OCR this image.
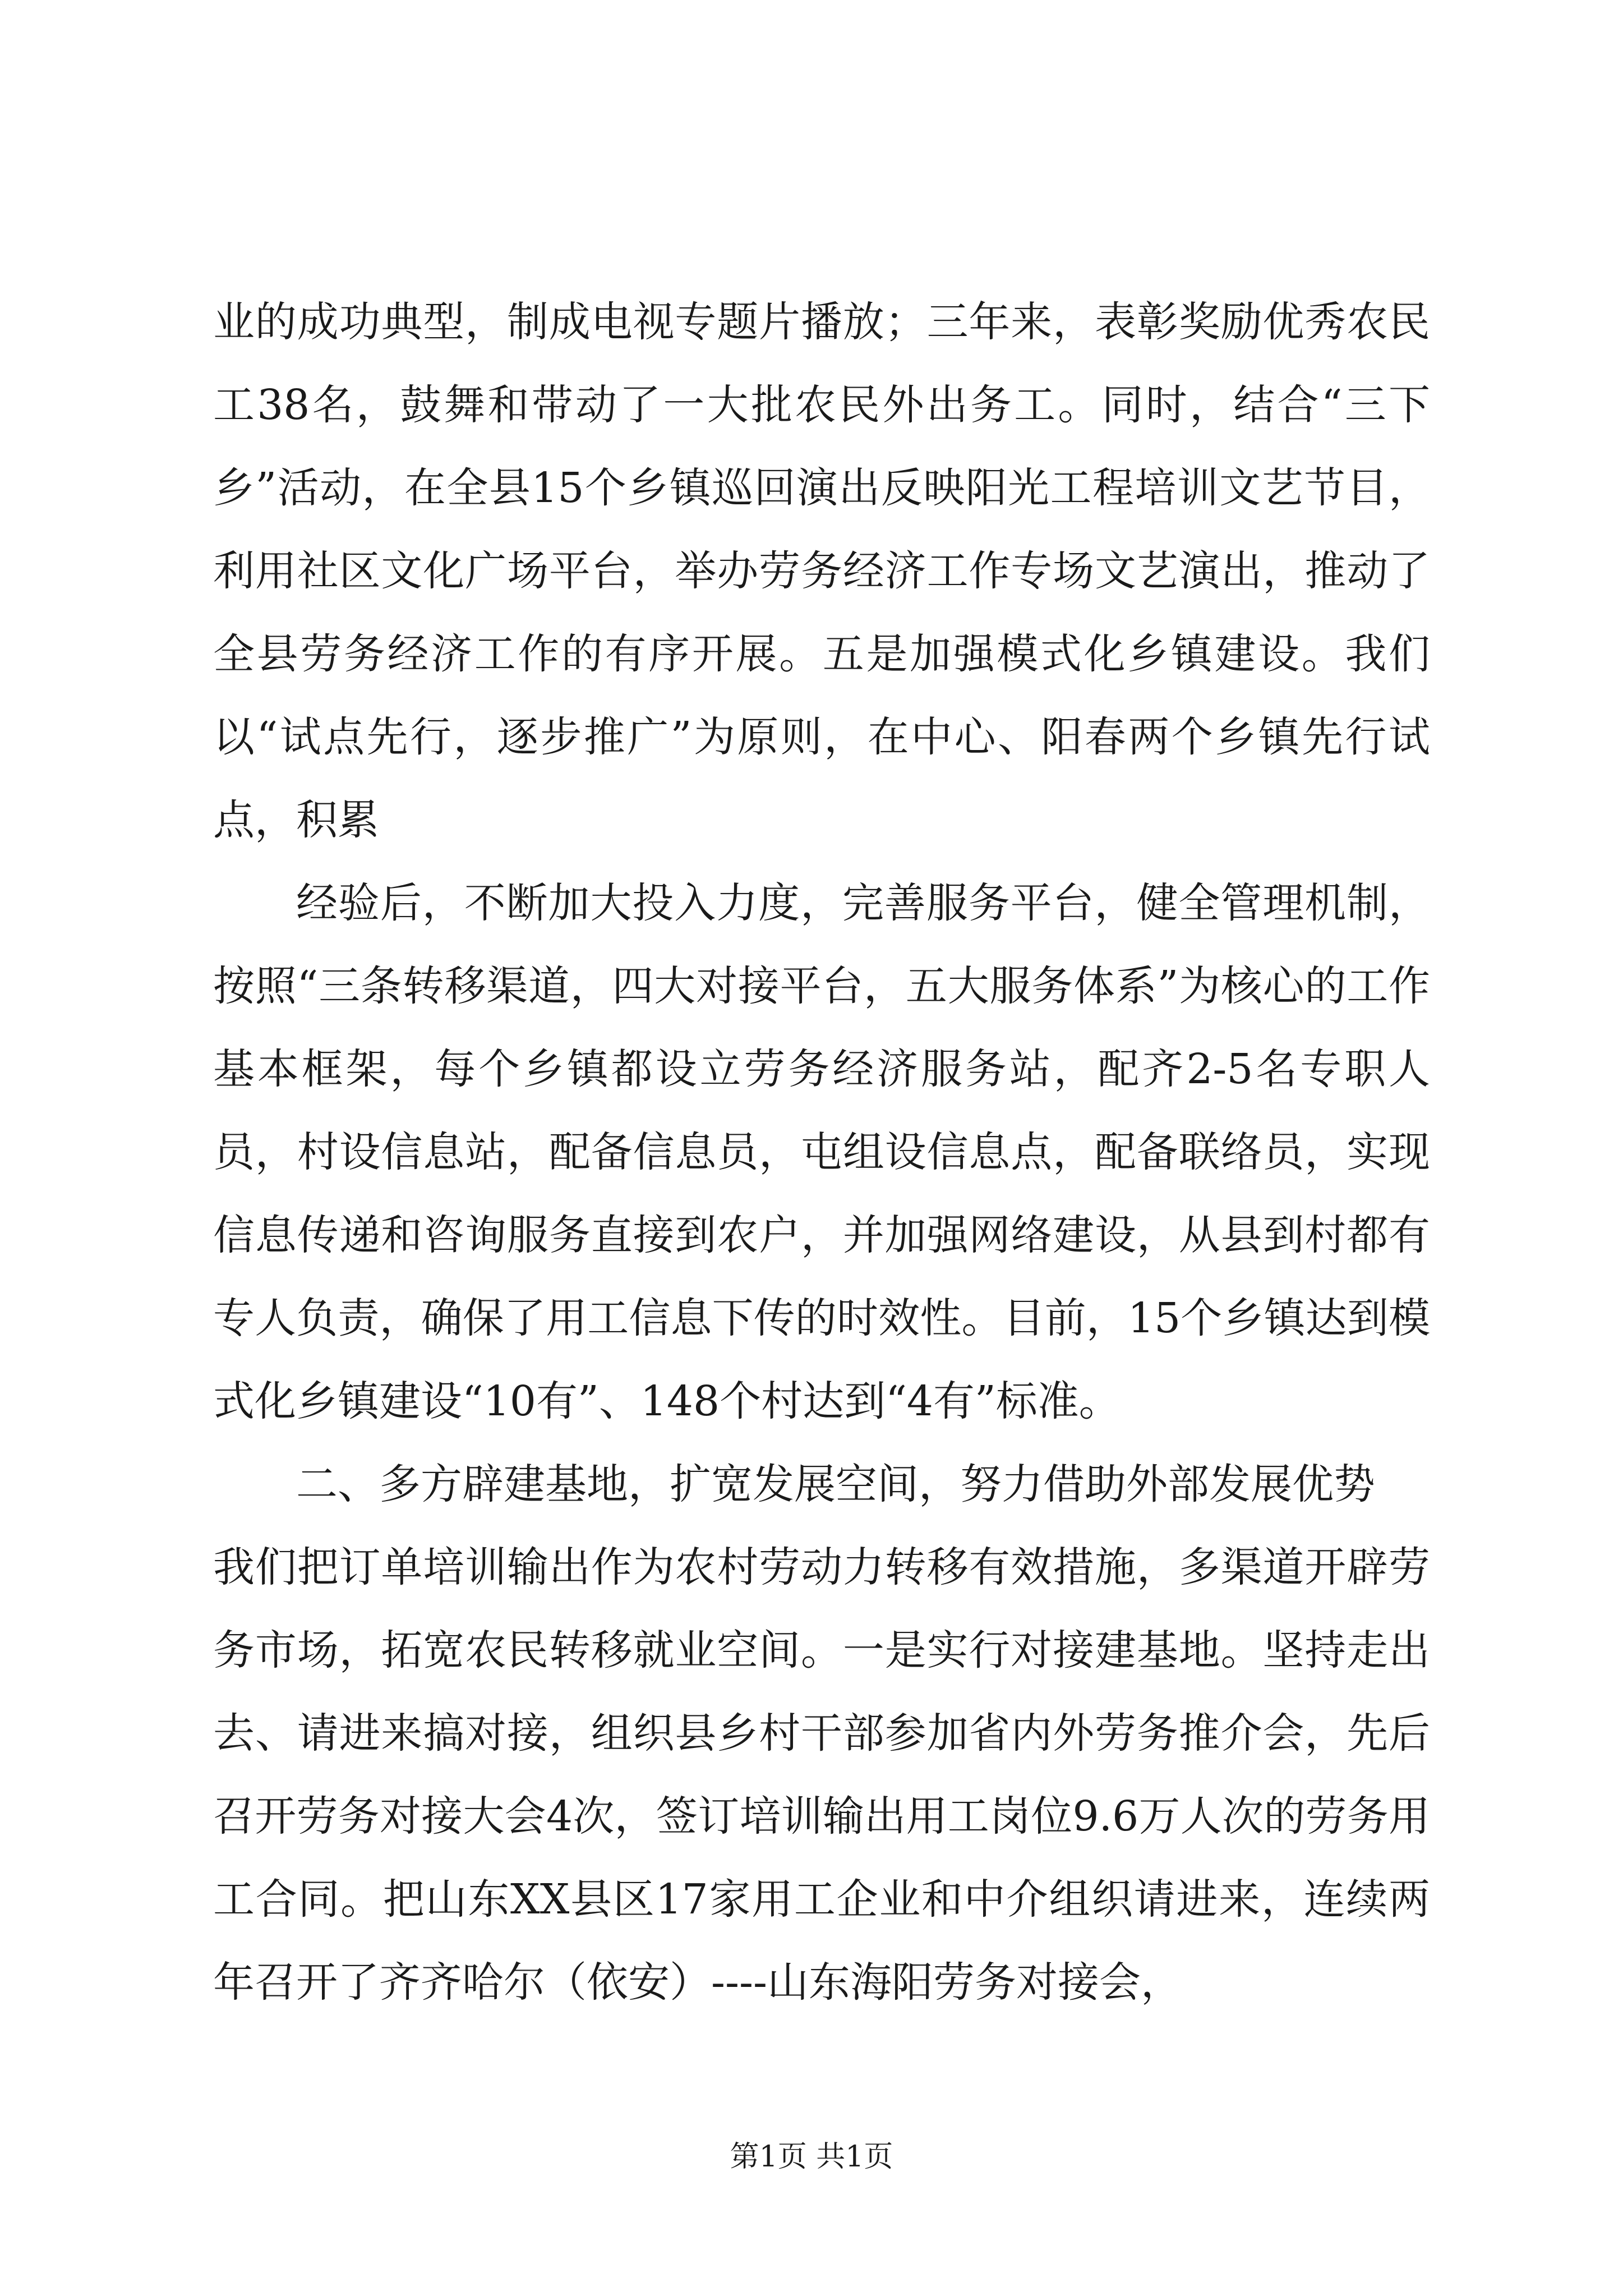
业的成功典型，制成电视专题片播放；三年来，表彰奖励优秀农民工38名，鼓舞和带动了一大批农民外出务工。同时，结合“三下乡”活动，在全县15个乡镇巡回演出反映阳光工程培训文艺节目，利用社区文化广场平台，举办劳务经济工作专场文艺演出，推动了全县劳务经济工作的有序开展。五是加强模式化乡镇建设。我们以“试点先行，逐步推广”为原则，在中心、阳春两个乡镇先行试点，积累

经验后，不断加大投入力度，完善服务平台，健全管理机制，按照“三条转移渠道，四大对接平台，五大服务体系”为核心的工作基本框架，每个乡镇都设立劳务经济服务站，配齐2-5名专职人员，村设信息站，配备信息员，屯组设信息点，配备联络员，实现信息传递和咨询服务直接到农户，并加强网络建设，从县到村都有专人负责，确保了用工信息下传的时效性。目前，15个乡镇达到模式化乡镇建设“10有”、148个村达到“4有”标准。

二、多方辟建基地，扩宽发展空间，努力借助外部发展优势

我们把订单培训输出作为农村劳动力转移有效措施，多渠道开辟劳务市场，拓宽农民转移就业空间。一是实行对接建基地。坚持走出去、请进来搞对接，组织县乡村干部参加省内外劳务推介会，先后召开劳务对接大会4次，签订培训输出用工岗位9.6万人次的劳务用工合同。把山东XX县区17家用工企业和中介组织请进来，连续两年召开了齐齐哈尔（依安）----山东海阳劳务对接会，

第1页 共1页
